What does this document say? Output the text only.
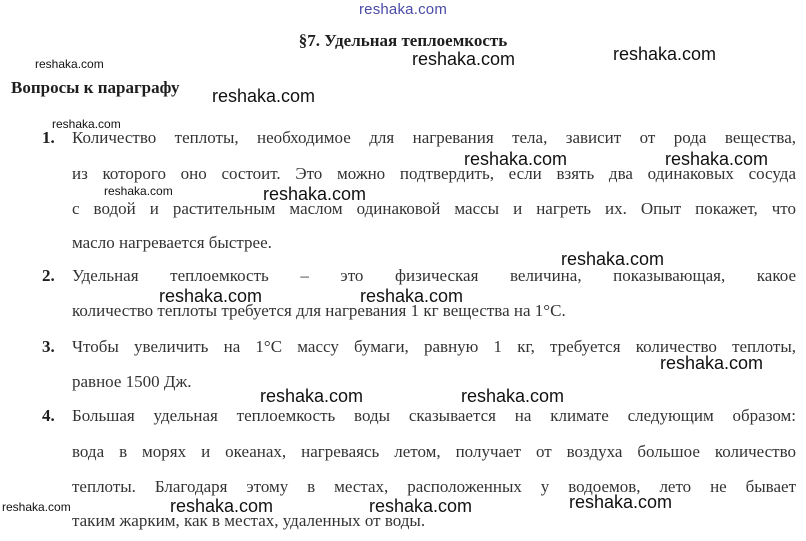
reshaka.com
§7. Удельная теплоемкость
Вопросы к параграфу
1. Количество теплоты, необходимое для нагревания тела, зависит от рода вещества,
из которого оно состоит. Это можно подтвердить, если взять два одинаковых сосуда
с водой и растительным маслом одинаковой массы и нагреть их. Опыт покажет, что
масло нагревается быстрее.
2. Удельная теплоемкость – это физическая величина, показывающая, какое
количество теплоты требуется для нагревания 1 кг вещества на 1°С.
3. Чтобы увеличить на 1°С массу бумаги, равную 1 кг, требуется количество теплоты,
равное 1500 Дж.
4. Большая удельная теплоемкость воды сказывается на климате следующим образом:
вода в морях и океанах, нагреваясь летом, получает от воздуха большое количество
теплоты. Благодаря этому в местах, расположенных у водоемов, лето не бывает
таким жарким, как в местах, удаленных от воды.
reshaka.com	reshaka.com	reshaka.com
reshaka.com
reshaka.com
reshaka.com	reshaka.com
reshaka.com	reshaka.com
reshaka.com
reshaka.com	reshaka.com
reshaka.com
reshaka.com	reshaka.com
reshaka.com	reshaka.com	reshaka.com	reshaka.com
